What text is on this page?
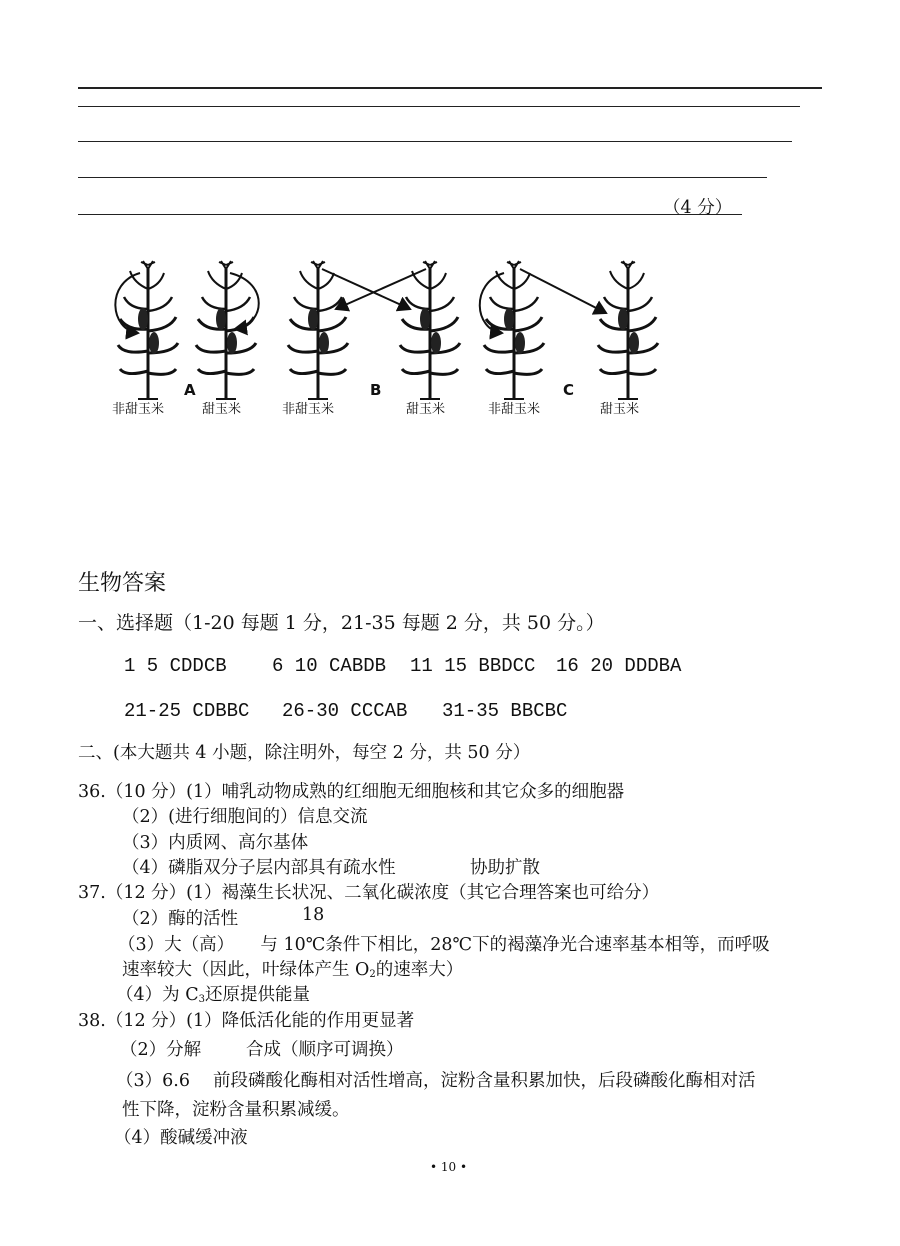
（4 分）
A	B	C
非甜玉米	甜玉米	非甜玉米	甜玉米	非甜玉米	甜玉米
生物答案
一、选择题（1-20 每题 1 分，21-35 每题 2 分，共 50 分。）
1 5 CDDCB 6 10 CABDB 11 15 BBDCC 16 20 DDDBA
21-25 CDBBC 26-30 CCCAB 31-35 BBCBC
二、(本大题共 4 小题，除注明外，每空 2 分，共 50 分）
36.（10 分）(1）哺乳动物成熟的红细胞无细胞核和其它众多的细胞器
（2）(进行细胞间的）信息交流
（3）内质网、高尔基体
（4）磷脂双分子层内部具有疏水性	协助扩散
37.（12 分）(1）褐藻生长状况、二氧化碳浓度（其它合理答案也可给分）
（2）酶的活性	18
（3）大（高）　　与 10℃条件下相比，28℃下的褐藻净光合速率基本相等，而呼吸
速率较大（因此，叶绿体产生 $O_2$的速率大）
（4）为 $C_3$还原提供能量
38.（12 分）(1）降低活化能的作用更显著
（2）分解	合成（顺序可调换）
（3）6.6　 前段磷酸化酶相对活性增高，淀粉含量积累加快，后段磷酸化酶相对活
性下降，淀粉含量积累减缓。
（4）酸碱缓冲液
• 10 •
